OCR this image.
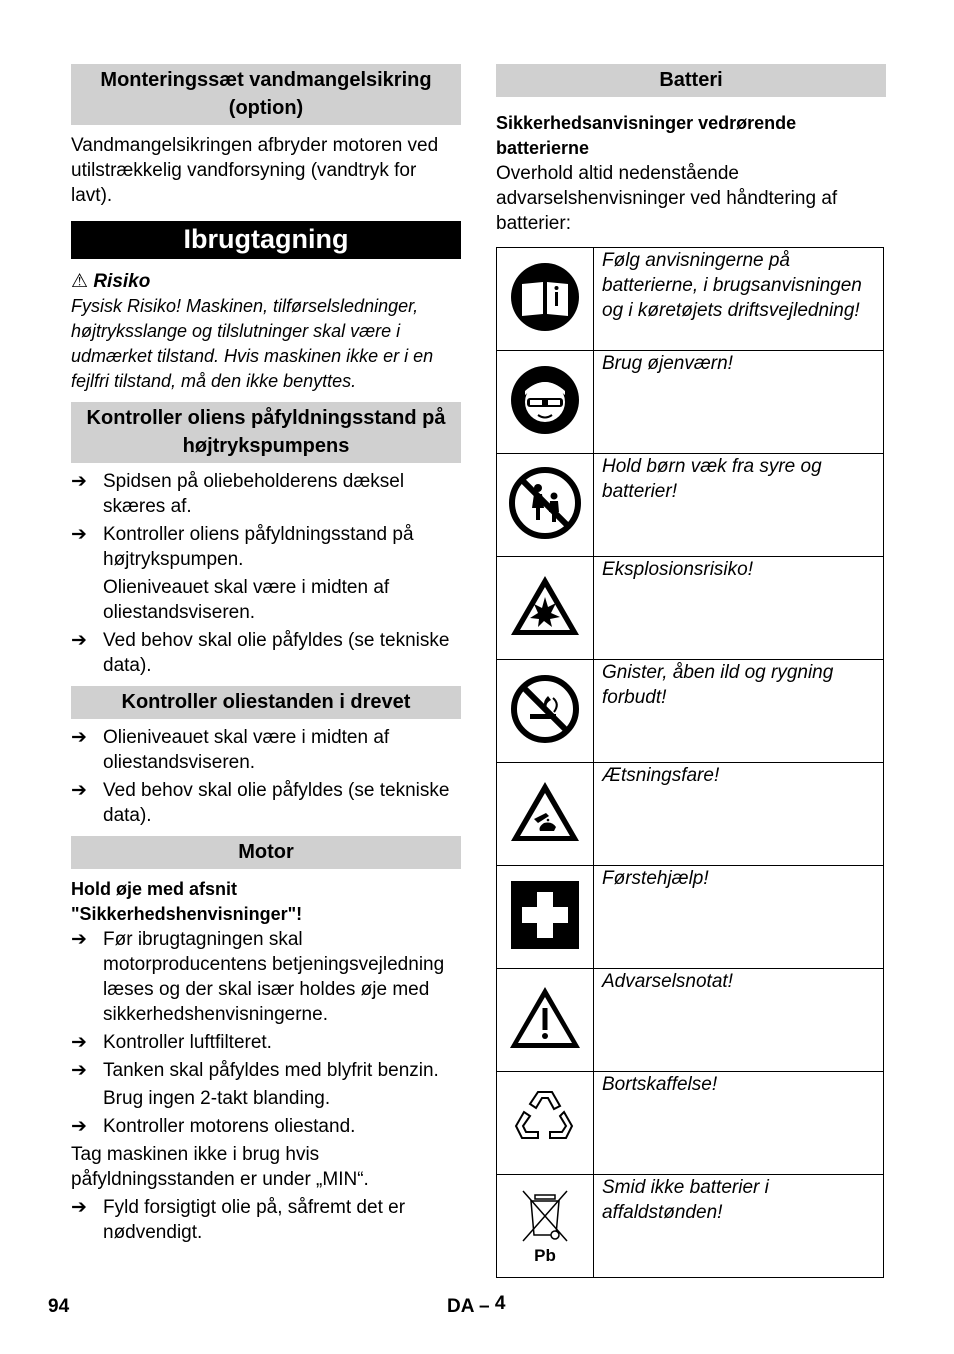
Monteringssæt vandmangelsikring (option)

Vandmangelsikringen afbryder motoren ved utilstrækkelig vandforsyning (vandtryk for lavt).

Ibrugtagning
⚠ Risiko

Fysisk Risiko! Maskinen, tilførselsledninger, højtryksslange og tilslutninger skal være i udmærket tilstand. Hvis maskinen ikke er i en fejlfri tilstand, må den ikke benyttes.

Kontroller oliens påfyldningsstand på højtrykspumpens
➔ Spidsen på oliebeholderens dæksel skæres af.
➔ Kontroller oliens påfyldningsstand på højtrykspumpen.
Olieniveauet skal være i midten af oliestandsviseren.
➔ Ved behov skal olie påfyldes (se tekniske data).
Kontroller oliestanden i drevet
➔ Olieniveauet skal være i midten af oliestandsviseren.
➔ Ved behov skal olie påfyldes (se tekniske data).
Motor

Hold øje med afsnit "Sikkerhedshenvisninger"!

➔ Før ibrugtagningen skal motorproducentens betjeningsvejledning læses og der skal især holdes øje med sikkerhedshenvisningerne.
➔ Kontroller luftfilteret.
➔ Tanken skal påfyldes med blyfrit benzin.
Brug ingen 2-takt blanding.
➔ Kontroller motorens oliestand.

Tag maskinen ikke i brug hvis påfyldningsstanden er under „MIN“.

➔ Fyld forsigtigt olie på, såfremt det er nødvendigt.
Batteri

Sikkerhedsanvisninger vedrørende batterierne

Overhold altid nedenstående advarselshenvisninger ved håndtering af batterier:

	Følg anvisningerne på batterierne, i brugsanvisningen og i køretøjets driftsvejledning!
	Brug øjenværn!
	Hold børn væk fra syre og batterier!
	Eksplosionsrisiko!
	Gnister, åben ild og rygning forbudt!
	Ætsningsfare!
	Førstehjælp!
	Advarselsnotat!
	Bortskaffelse!

Pb	Smid ikke batterier i affaldstønden!
94	DA – 4
